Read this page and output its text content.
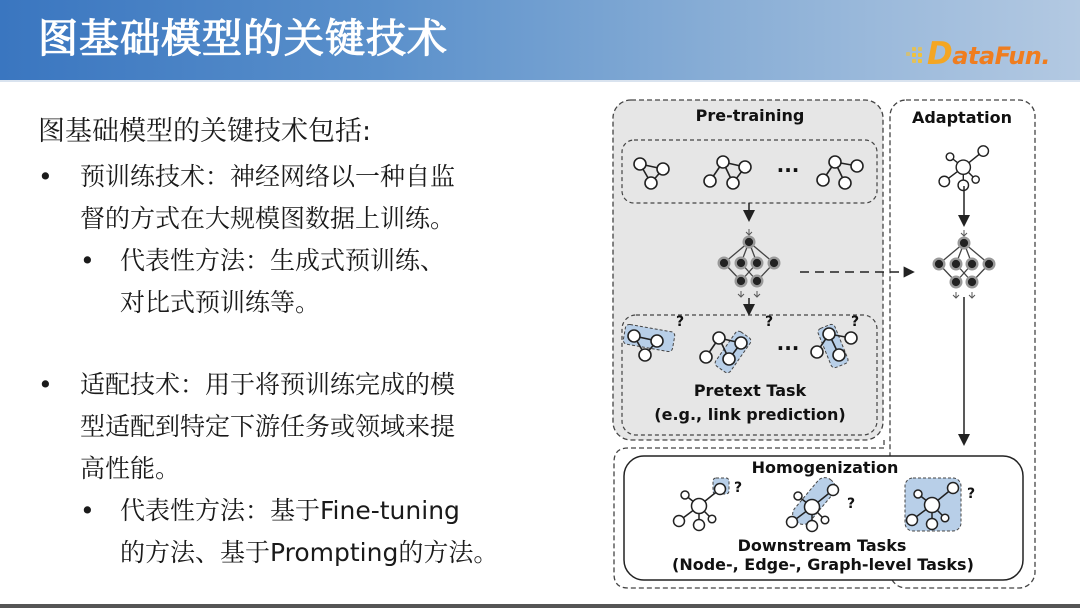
图基础模型的关键技术	DataFun.
图基础模型的关键技术包括:
• 预训练技术：神经网络以一种自监
督的方式在大规模图数据上训练。
• 代表性方法：生成式预训练、
对比式预训练等。
• 适配技术：用于将预训练完成的模
型适配到特定下游任务或领域来提
高性能。
• 代表性方法：基于Fine-tuning
的方法、基于Prompting的方法。
Pre-training	Adaptation
···
···
?	?	?
Pretext Task
(e.g., link prediction)
Homogenization
?
?
?
Downstream Tasks
(Node-, Edge-, Graph-level Tasks)
